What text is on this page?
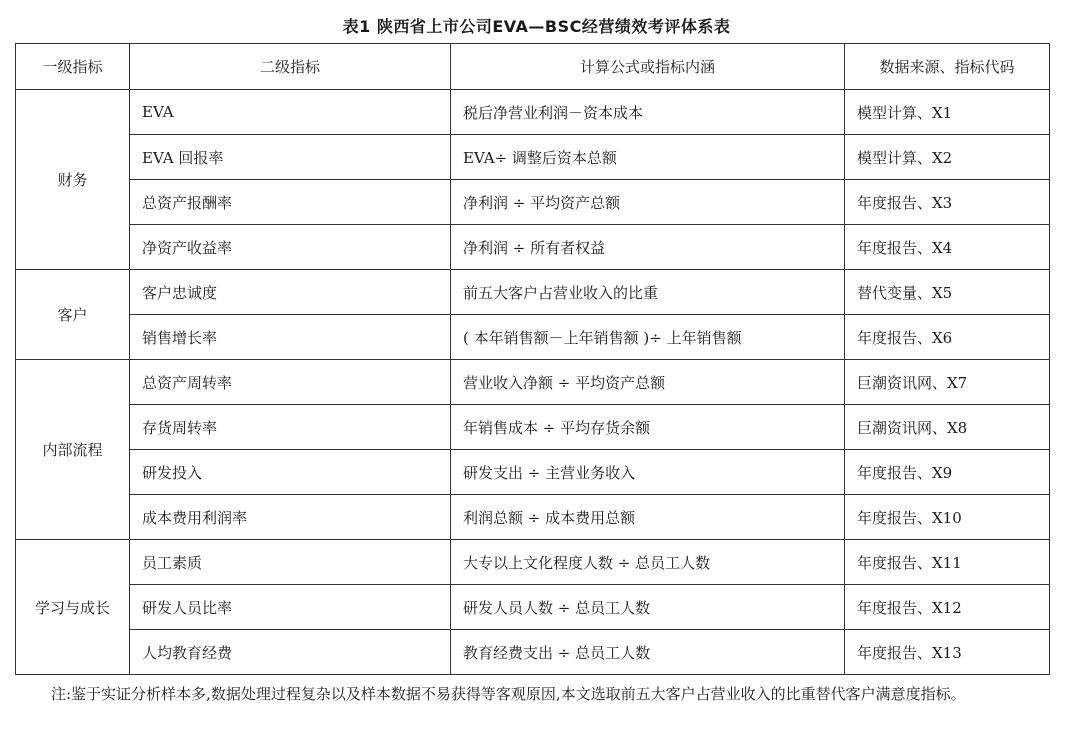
表1 陕西省上市公司EVA—BSC经营绩效考评体系表
一级指标	二级指标	计算公式或指标内涵	数据来源、指标代码
财务	EVA	税后净营业利润－资本成本	模型计算、X1
	EVA 回报率	EVA÷ 调整后资本总额	模型计算、X2
	总资产报酬率	净利润 ÷ 平均资产总额	年度报告、X3
	净资产收益率	净利润 ÷ 所有者权益	年度报告、X4
客户	客户忠诚度	前五大客户占营业收入的比重	替代变量、X5
	销售增长率	( 本年销售额－上年销售额 )÷ 上年销售额	年度报告、X6
内部流程	总资产周转率	营业收入净额 ÷ 平均资产总额	巨潮资讯网、X7
	存货周转率	年销售成本 ÷ 平均存货余额	巨潮资讯网、X8
	研发投入	研发支出 ÷ 主营业务收入	年度报告、X9
	成本费用利润率	利润总额 ÷ 成本费用总额	年度报告、X10
学习与成长	员工素质	大专以上文化程度人数 ÷ 总员工人数	年度报告、X11
	研发人员比率	研发人员人数 ÷ 总员工人数	年度报告、X12
	人均教育经费	教育经费支出 ÷ 总员工人数	年度报告、X13
注:鉴于实证分析样本多,数据处理过程复杂以及样本数据不易获得等客观原因,本文选取前五大客户占营业收入的比重替代客户满意度指标。
